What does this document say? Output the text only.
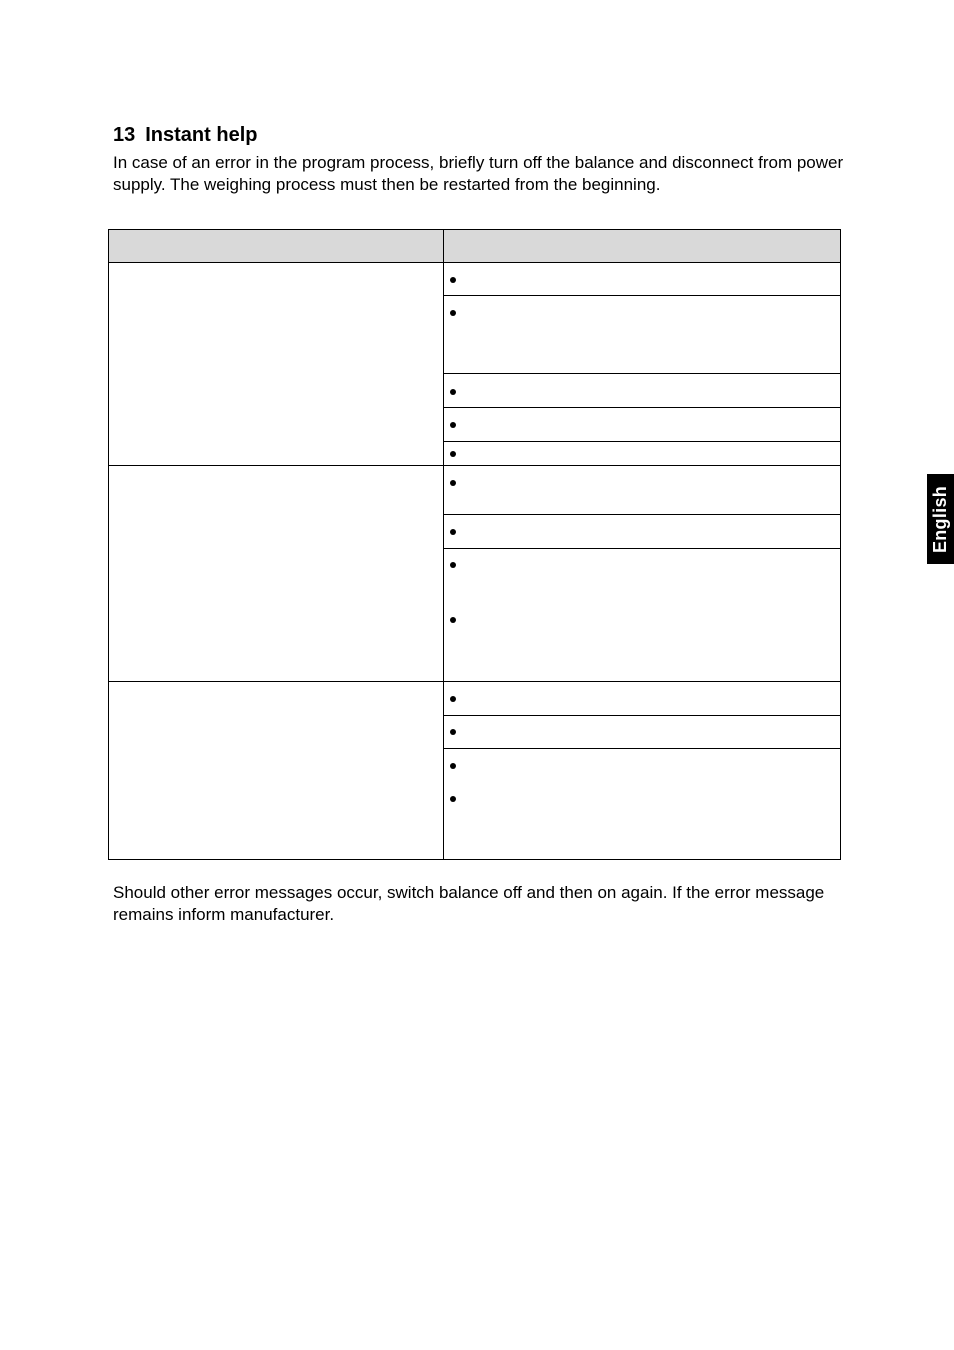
13 Instant help

In case of an error in the program process, briefly turn off the balance and disconnect from power supply. The weighing process must then be restarted from the beginning.

Should other error messages occur, switch balance off and then on again. If the error message remains inform manufacturer.

English
